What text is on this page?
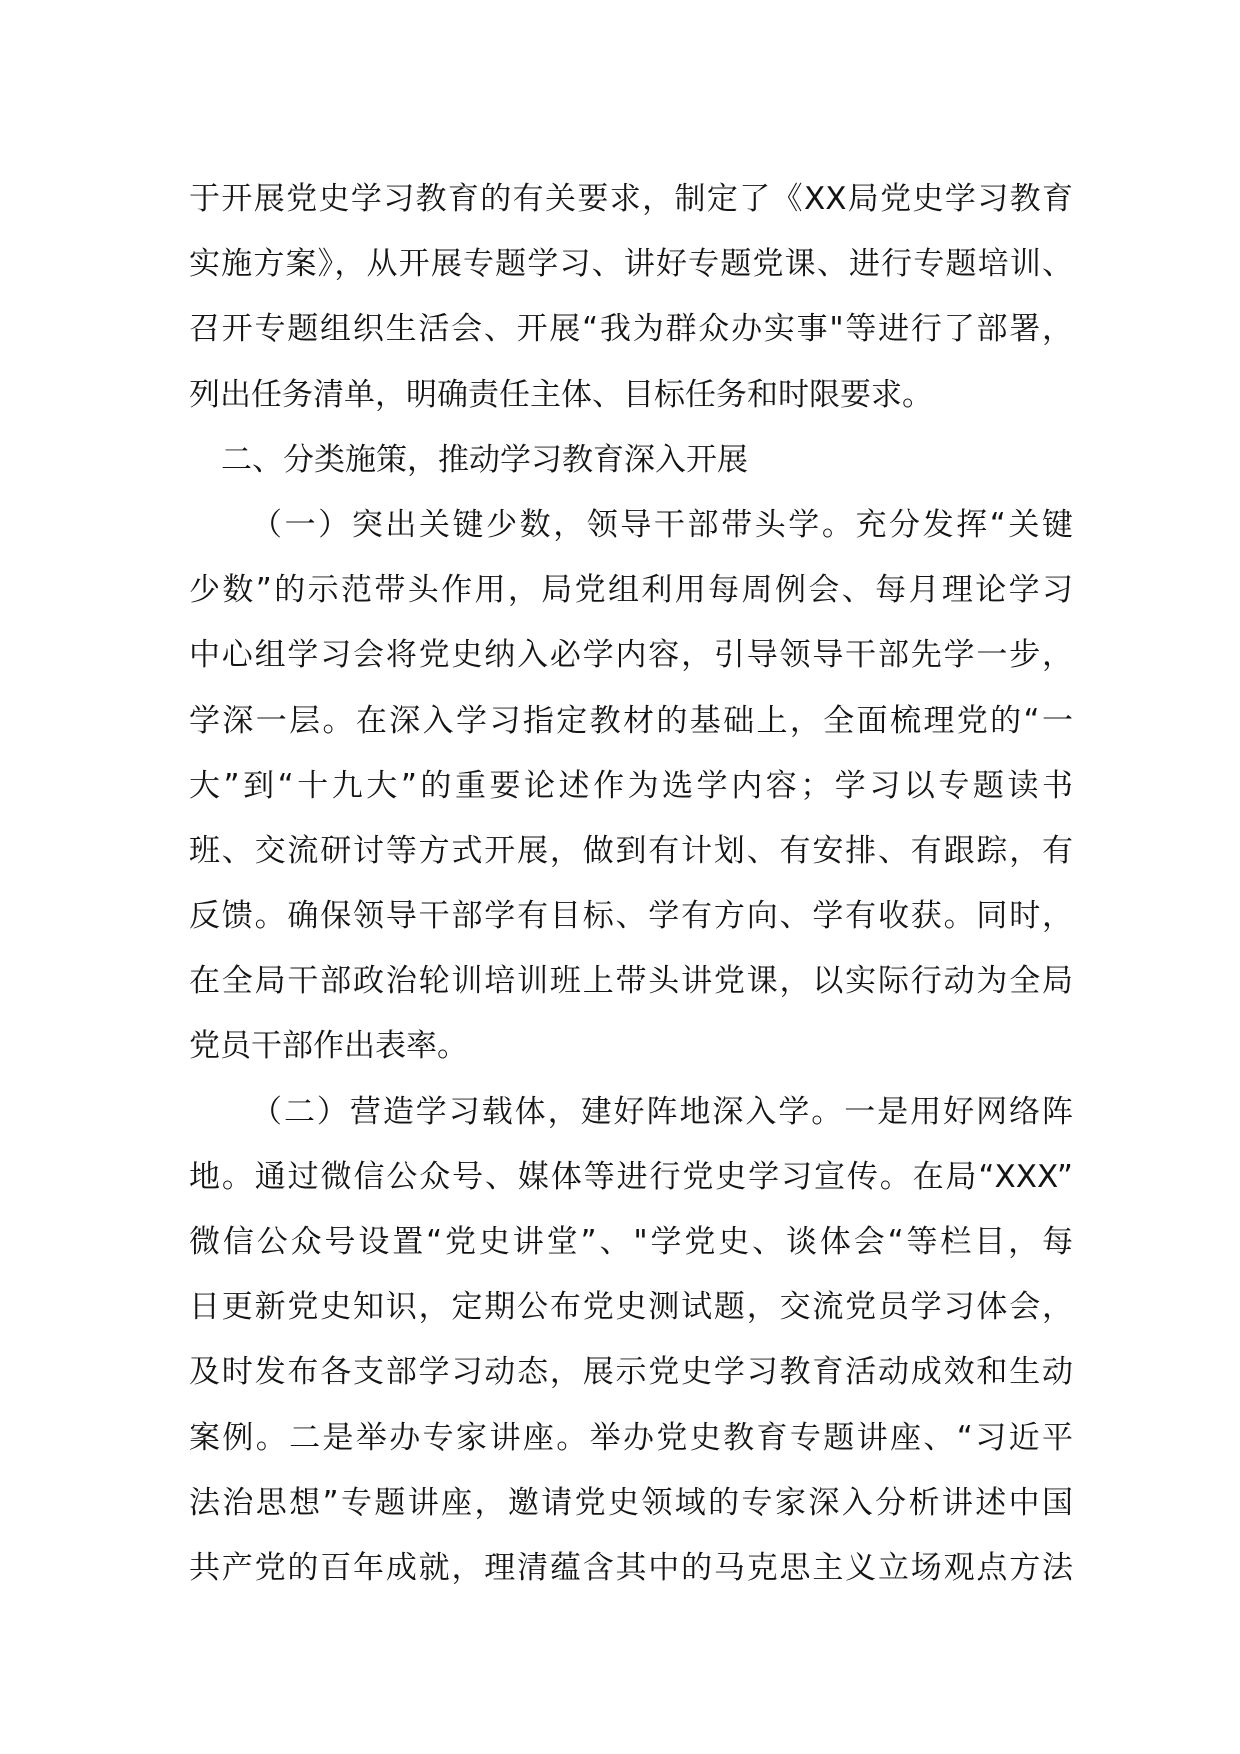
于开展党史学习教育的有关要求，制定了《XX局党史学习教育
实施方案》，从开展专题学习、讲好专题党课、进行专题培训、
召开专题组织生活会、开展“我为群众办实事"等进行了部署，
列出任务清单，明确责任主体、目标任务和时限要求。
二、分类施策，推动学习教育深入开展
（一）突出关键少数，领导干部带头学。充分发挥“关键
少数”的示范带头作用，局党组利用每周例会、每月理论学习
中心组学习会将党史纳入必学内容，引导领导干部先学一步，
学深一层。在深入学习指定教材的基础上，全面梳理党的“一
大”到“十九大”的重要论述作为选学内容；学习以专题读书
班、交流研讨等方式开展，做到有计划、有安排、有跟踪，有
反馈。确保领导干部学有目标、学有方向、学有收获。同时，
在全局干部政治轮训培训班上带头讲党课，以实际行动为全局
党员干部作出表率。
（二）营造学习载体，建好阵地深入学。一是用好网络阵
地。通过微信公众号、媒体等进行党史学习宣传。在局“XXX”
微信公众号设置“党史讲堂”、"学党史、谈体会“等栏目，每
日更新党史知识，定期公布党史测试题，交流党员学习体会，
及时发布各支部学习动态，展示党史学习教育活动成效和生动
案例。二是举办专家讲座。举办党史教育专题讲座、“习近平
法治思想”专题讲座，邀请党史领域的专家深入分析讲述中国
共产党的百年成就，理清蕴含其中的马克思主义立场观点方法
